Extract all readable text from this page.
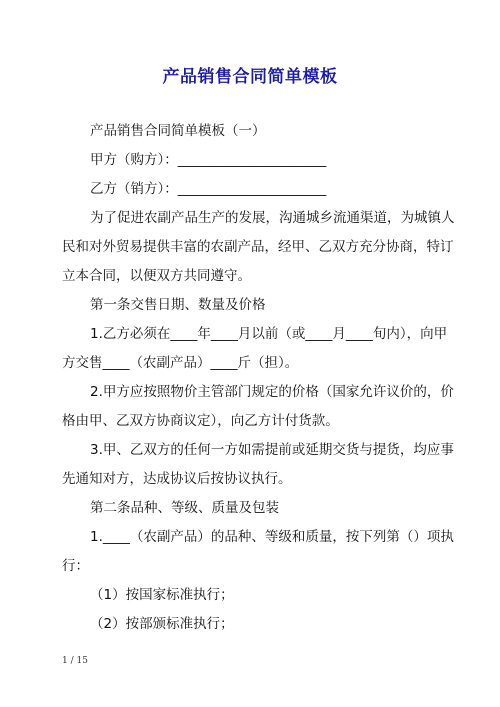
产品销售合同简单模板
产品销售合同简单模板（一）
甲方（购方）：______________________
乙方（销方）：______________________
为了促进农副产品生产的发展，沟通城乡流通渠道，为城镇人
民和对外贸易提供丰富的农副产品，经甲、乙双方充分协商，特订
立本合同，以便双方共同遵守。
第一条交售日期、数量及价格
1.乙方必须在____年____月以前（或____月____旬内），向甲
方交售____（农副产品）____斤（担）。
2.甲方应按照物价主管部门规定的价格（国家允许议价的，价
格由甲、乙双方协商议定），向乙方计付货款。
3.甲、乙双方的任何一方如需提前或延期交货与提货，均应事
先通知对方，达成协议后按协议执行。
第二条品种、等级、质量及包装
1.____（农副产品）的品种、等级和质量，按下列第（）项执
行：
（1）按国家标准执行；
（2）按部颁标准执行；
1 / 15
